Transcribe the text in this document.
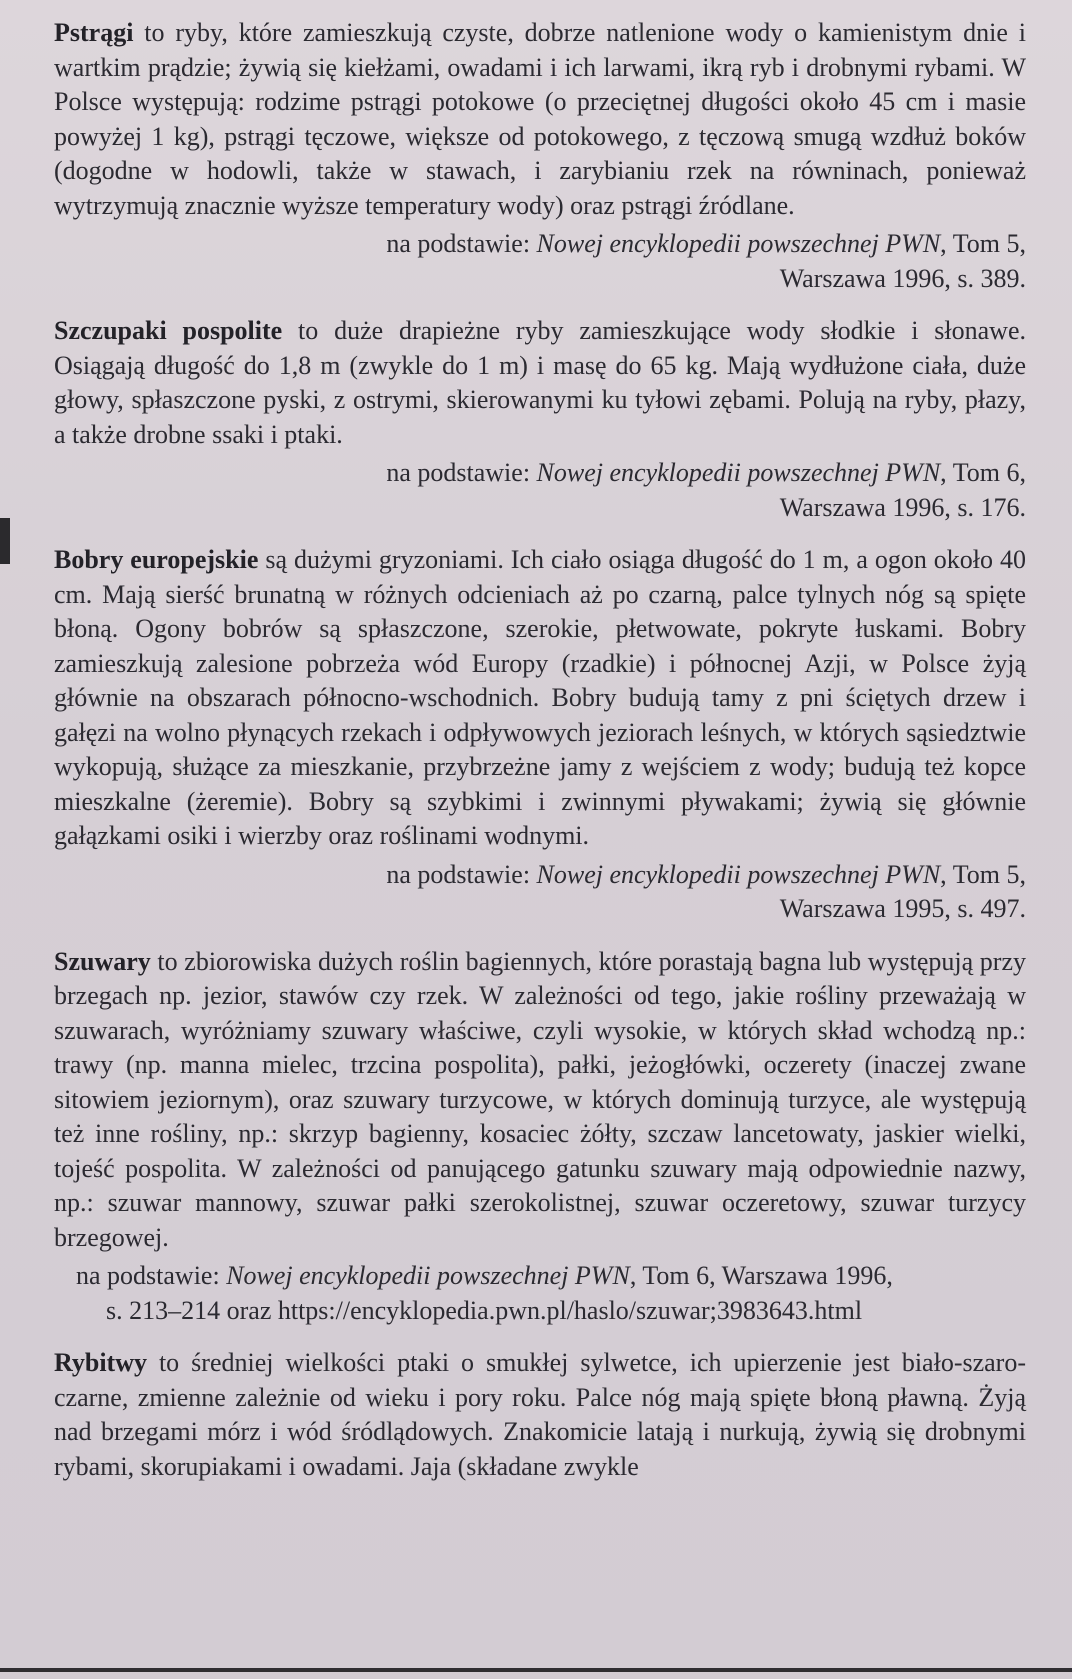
Pstrągi to ryby, które zamieszkują czyste, dobrze natlenione wody o kamienistym dnie i wartkim prądzie; żywią się kiełżami, owadami i ich larwami, ikrą ryb i drobnymi rybami. W Polsce występują: rodzime pstrągi potokowe (o przeciętnej długości około 45 cm i masie powyżej 1 kg), pstrągi tęczowe, większe od potokowego, z tęczową smugą wzdłuż boków (dogodne w hodowli, także w stawach, i zarybianiu rzek na równinach, ponieważ wytrzymują znacznie wyższe temperatury wody) oraz pstrągi źródlane.

na podstawie: Nowej encyklopedii powszechnej PWN, Tom 5,
Warszawa 1996, s. 389.

Szczupaki pospolite to duże drapieżne ryby zamieszkujące wody słodkie i słonawe. Osiągają długość do 1,8 m (zwykle do 1 m) i masę do 65 kg. Mają wydłużone ciała, duże głowy, spłaszczone pyski, z ostrymi, skierowanymi ku tyłowi zębami. Polują na ryby, płazy, a także drobne ssaki i ptaki.

na podstawie: Nowej encyklopedii powszechnej PWN, Tom 6,
Warszawa 1996, s. 176.

Bobry europejskie są dużymi gryzoniami. Ich ciało osiąga długość do 1 m, a ogon około 40 cm. Mają sierść brunatną w różnych odcieniach aż po czarną, palce tylnych nóg są spięte błoną. Ogony bobrów są spłaszczone, szerokie, płetwowate, pokryte łuskami. Bobry zamieszkują zalesione pobrzeża wód Europy (rzadkie) i północnej Azji, w Polsce żyją głównie na obszarach północno-wschodnich. Bobry budują tamy z pni ściętych drzew i gałęzi na wolno płynących rzekach i odpływowych jeziorach leśnych, w których sąsiedztwie wykopują, służące za mieszkanie, przybrzeżne jamy z wejściem z wody; budują też kopce mieszkalne (żeremie). Bobry są szybkimi i zwinnymi pływakami; żywią się głównie gałązkami osiki i wierzby oraz roślinami wodnymi.

na podstawie: Nowej encyklopedii powszechnej PWN, Tom 5,
Warszawa 1995, s. 497.

Szuwary to zbiorowiska dużych roślin bagiennych, które porastają bagna lub występują przy brzegach np. jezior, stawów czy rzek. W zależności od tego, jakie rośliny przeważają w szuwarach, wyróżniamy szuwary właściwe, czyli wysokie, w których skład wchodzą np.: trawy (np. manna mielec, trzcina pospolita), pałki, jeżogłówki, oczerety (inaczej zwane sitowiem jeziornym), oraz szuwary turzycowe, w których dominują turzyce, ale występują też inne rośliny, np.: skrzyp bagienny, kosaciec żółty, szczaw lancetowaty, jaskier wielki, tojeść pospolita. W zależności od panującego gatunku szuwary mają odpowiednie nazwy, np.: szuwar mannowy, szuwar pałki szerokolistnej, szuwar oczeretowy, szuwar turzycy brzegowej.

na podstawie: Nowej encyklopedii powszechnej PWN, Tom 6, Warszawa 1996,
s. 213–214 oraz https://encyklopedia.pwn.pl/haslo/szuwar;3983643.html

Rybitwy to średniej wielkości ptaki o smukłej sylwetce, ich upierzenie jest biało-szaro-czarne, zmienne zależnie od wieku i pory roku. Palce nóg mają spięte błoną pławną. Żyją nad brzegami mórz i wód śródlądowych. Znakomicie latają i nurkują, żywią się drobnymi rybami, skorupiakami i owadami. Jaja (składane zwykle
